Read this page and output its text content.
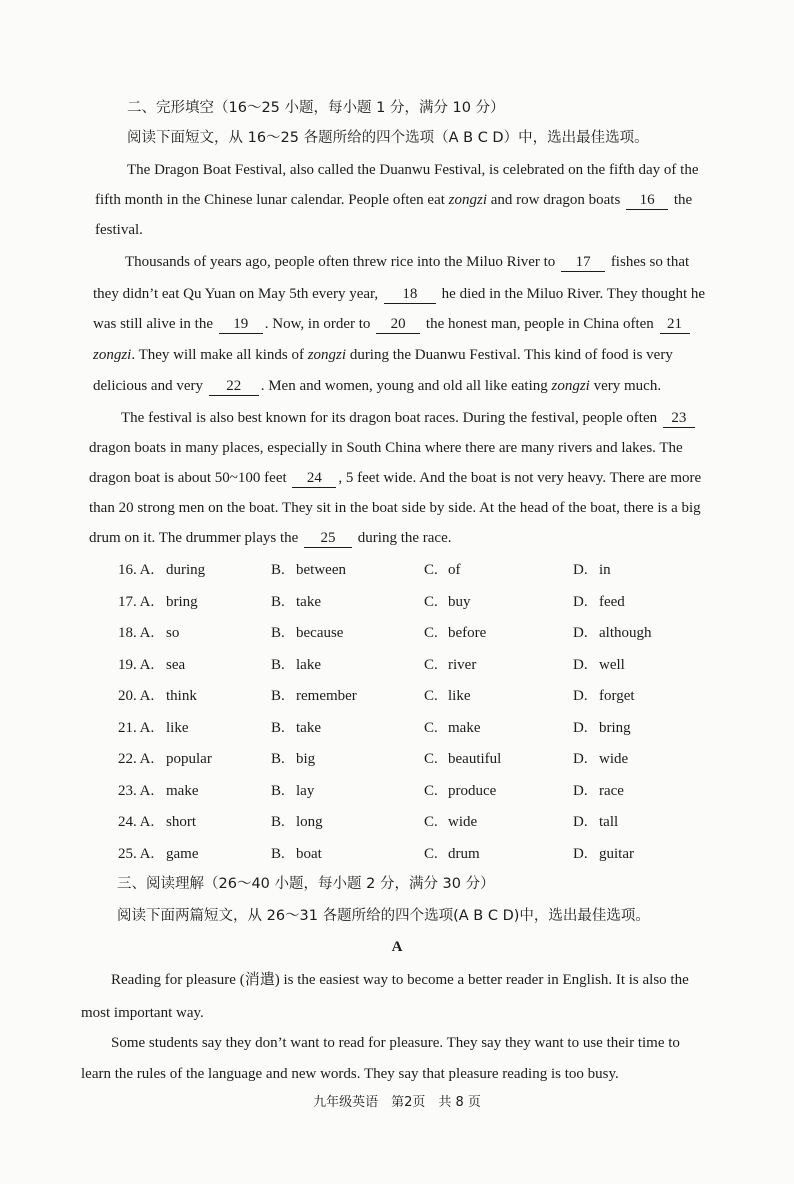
二、完形填空（16～25 小题，每小题 1 分，满分 10 分）
阅读下面短文，从 16～25 各题所给的四个选项（A B C D）中，选出最佳选项。
The Dragon Boat Festival, also called the Duanwu Festival, is celebrated on the fifth day of the
fifth month in the Chinese lunar calendar. People often eat zongzi and row dragon boats 16 the
festival.
Thousands of years ago, people often threw rice into the Miluo River to 17 fishes so that
they didn’t eat Qu Yuan on May 5th every year, 18 he died in the Miluo River. They thought he
was still alive in the 19 . Now, in order to 20 the honest man, people in China often 21
zongzi. They will make all kinds of zongzi during the Duanwu Festival. This kind of food is very
delicious and very 22 . Men and women, young and old all like eating zongzi very much.
The festival is also best known for its dragon boat races. During the festival, people often 23
dragon boats in many places, especially in South China where there are many rivers and lakes. The
dragon boat is about 50~100 feet 24 , 5 feet wide. And the boat is not very heavy. There are more
than 20 strong men on the boat. They sit in the boat side by side. At the head of the boat, there is a big
drum on it. The drummer plays the 25 during the race.
16. A. during	B. between	C. of	D. in
17. A. bring	B. take	C. buy	D. feed
18. A. so	B. because	C. before	D. although
19. A. sea	B. lake	C. river	D. well
20. A. think	B. remember	C. like	D. forget
21. A. like	B. take	C. make	D. bring
22. A. popular	B. big	C. beautiful	D. wide
23. A. make	B. lay	C. produce	D. race
24. A. short	B. long	C. wide	D. tall
25. A. game	B. boat	C. drum	D. guitar
三、阅读理解（26～40 小题，每小题 2 分，满分 30 分）
阅读下面两篇短文，从 26～31 各题所给的四个选项(A B C D)中，选出最佳选项。
A
Reading for pleasure (消遣) is the easiest way to become a better reader in English. It is also the
most important way.
Some students say they don’t want to read for pleasure. They say they want to use their time to
learn the rules of the language and new words. They say that pleasure reading is too busy.
九年级英语　第2页　共 8 页
